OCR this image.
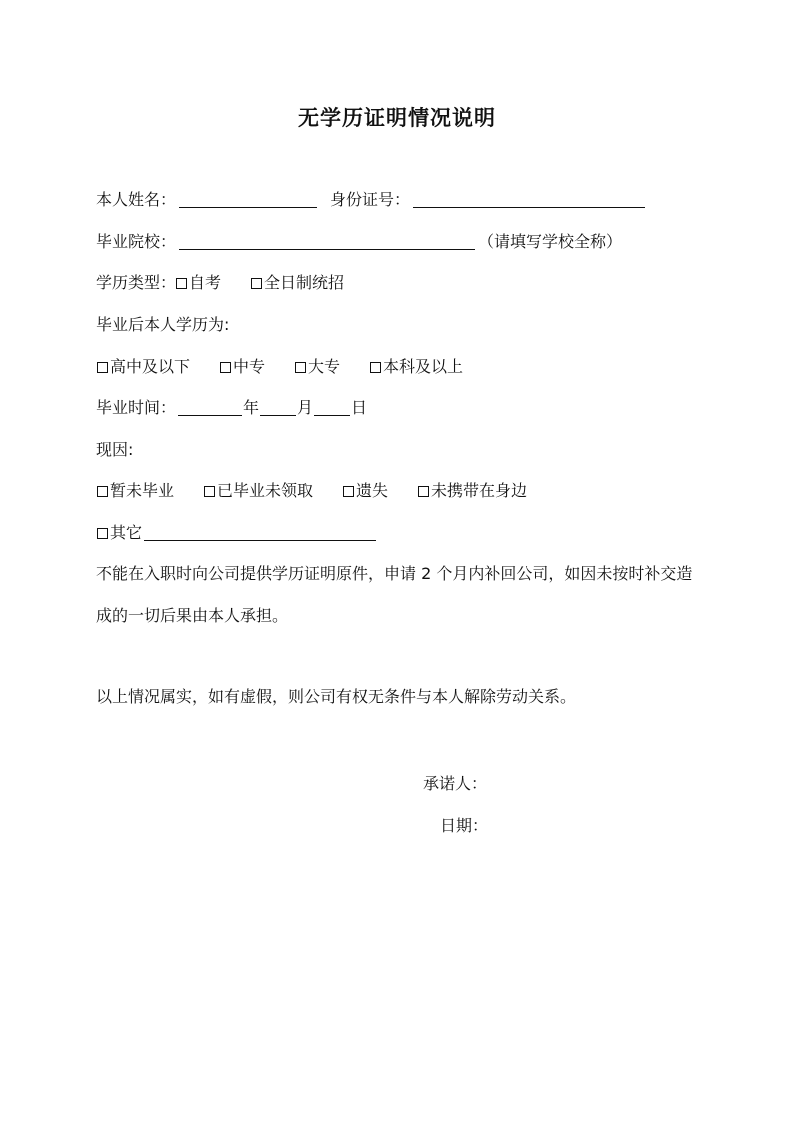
无学历证明情况说明
本人姓名：	身份证号：
毕业院校：	（请填写学校全称）
学历类型： 自考	全日制统招
毕业后本人学历为:
高中及以下	中专	大专	本科及以上
毕业时间：	年 月 日
现因:
暂未毕业	已毕业未领取	遗失	未携带在身边
其它
不能在入职时向公司提供学历证明原件，申请 2 个月内补回公司，如因未按时补交造成的一切后果由本人承担。
以上情况属实，如有虚假，则公司有权无条件与本人解除劳动关系。
承诺人：
日期：
